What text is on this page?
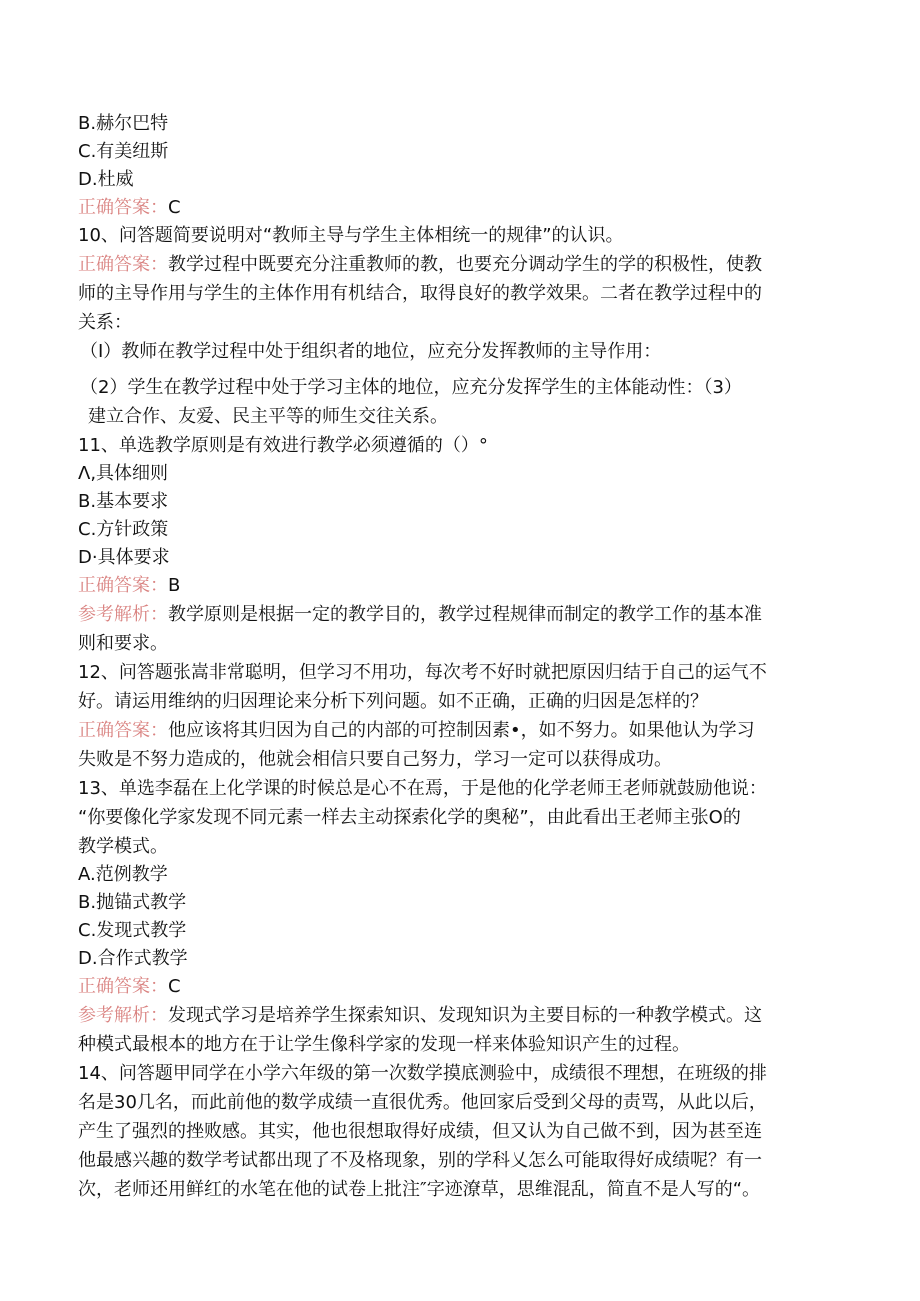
B.赫尔巴特
C.有美纽斯
D.杜威
正确答案：C
10、问答题简要说明对“教师主导与学生主体相统一的规律”的认识。
正确答案：教学过程中既要充分注重教师的教，也要充分调动学生的学的积极性，使教
师的主导作用与学生的主体作用有机结合，取得良好的教学效果。二者在教学过程中的
关系：
（I）教师在教学过程中处于组织者的地位，应充分发挥教师的主导作用：
（2）学生在教学过程中处于学习主体的地位，应充分发挥学生的主体能动性：（3）
建立合作、友爱、民主平等的师生交往关系。
11、单选教学原则是有效进行教学必须遵循的（）°
Λ,具体细则
B.基本要求
C.方针政策
D·具体要求
正确答案：B
参考解析：教学原则是根据一定的教学目的，教学过程规律而制定的教学工作的基本准
则和要求。
12、问答题张嵩非常聪明，但学习不用功，每次考不好时就把原因归结于自己的运气不
好。请运用维纳的归因理论来分析下列问题。如不正确，正确的归因是怎样的？
正确答案：他应该将其归因为自己的内部的可控制因素•，如不努力。如果他认为学习
失败是不努力造成的，他就会相信只要自己努力，学习一定可以获得成功。
13、单选李磊在上化学课的时候总是心不在焉，于是他的化学老师王老师就鼓励他说：
“你要像化学家发现不同元素一样去主动探索化学的奥秘”，由此看出王老师主张O的
教学模式。
A.范例教学
B.抛锚式教学
C.发现式教学
D.合作式教学
正确答案：C
参考解析：发现式学习是培养学生探索知识、发现知识为主要目标的一种教学模式。这
种模式最根本的地方在于让学生像科学家的发现一样来体验知识产生的过程。
14、问答题甲同学在小学六年级的第一次数学摸底测验中，成绩很不理想，在班级的排
名是30几名，而此前他的数学成绩一直很优秀。他回家后受到父母的责骂，从此以后，
产生了强烈的挫败感。其实，他也很想取得好成绩，但又认为自己做不到，因为甚至连
他最感兴趣的数学考试都出现了不及格现象，别的学科乂怎么可能取得好成绩呢？有一
次，老师还用鲜红的水笔在他的试卷上批注″字迹潦草，思维混乱，简直不是人写的“。
